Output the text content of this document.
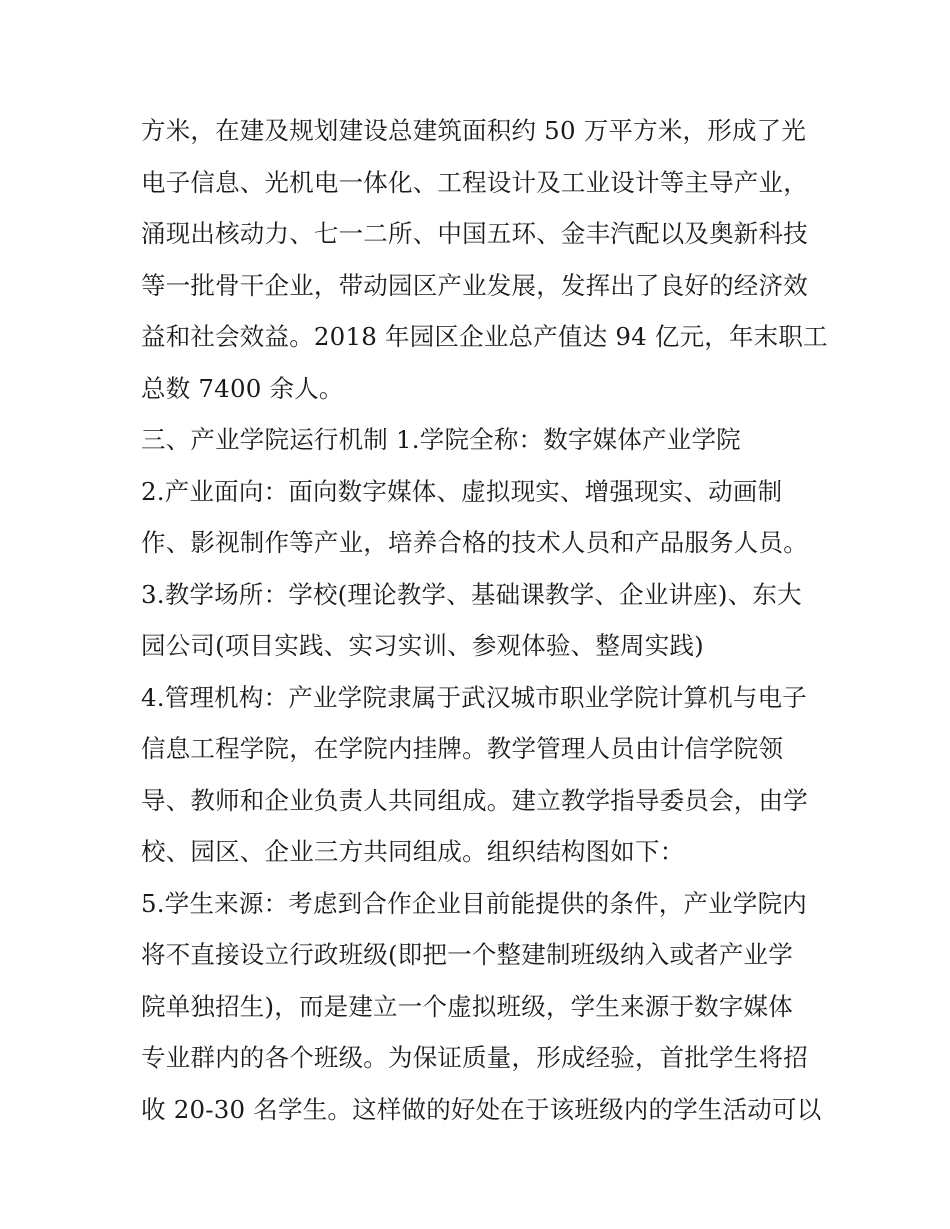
方米，在建及规划建设总建筑面积约 50 万平方米，形成了光
电子信息、光机电一体化、工程设计及工业设计等主导产业，
涌现出核动力、七一二所、中国五环、金丰汽配以及奥新科技
等一批骨干企业，带动园区产业发展，发挥出了良好的经济效
益和社会效益。2018 年园区企业总产值达 94 亿元，年末职工
总数 7400 余人。
三、产业学院运行机制 1.学院全称：数字媒体产业学院
2.产业面向：面向数字媒体、虚拟现实、增强现实、动画制
作、影视制作等产业，培养合格的技术人员和产品服务人员。
3.教学场所：学校(理论教学、基础课教学、企业讲座)、东大
园公司(项目实践、实习实训、参观体验、整周实践)
4.管理机构：产业学院隶属于武汉城市职业学院计算机与电子
信息工程学院，在学院内挂牌。教学管理人员由计信学院领
导、教师和企业负责人共同组成。建立教学指导委员会，由学
校、园区、企业三方共同组成。组织结构图如下：
5.学生来源：考虑到合作企业目前能提供的条件，产业学院内
将不直接设立行政班级(即把一个整建制班级纳入或者产业学
院单独招生)，而是建立一个虚拟班级，学生来源于数字媒体
专业群内的各个班级。为保证质量，形成经验，首批学生将招
收 20-30 名学生。这样做的好处在于该班级内的学生活动可以
